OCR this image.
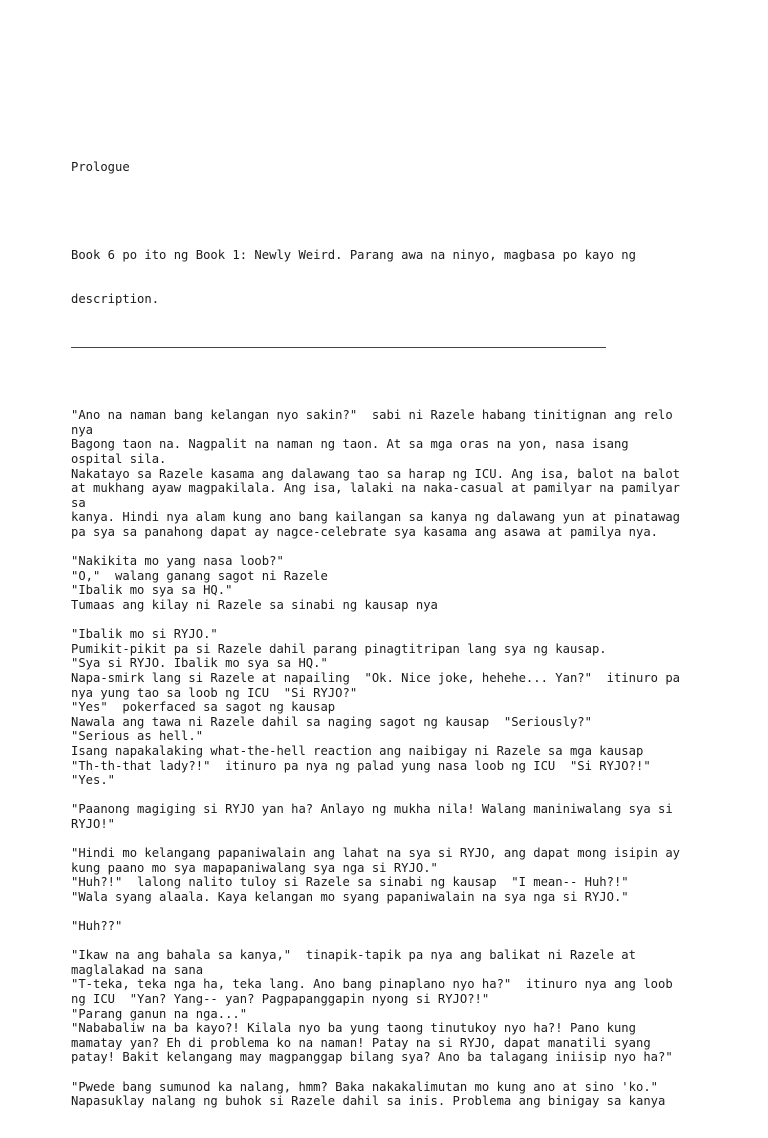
Prologue

Book 6 po ito ng Book 1: Newly Weird. Parang awa na ninyo, magbasa po kayo ng

description.

"Ano na naman bang kelangan nyo sakin?"  sabi ni Razele habang tinitignan ang relo
nya
Bagong taon na. Nagpalit na naman ng taon. At sa mga oras na yon, nasa isang
ospital sila.
Nakatayo sa Razele kasama ang dalawang tao sa harap ng ICU. Ang isa, balot na balot
at mukhang ayaw magpakilala. Ang isa, lalaki na naka-casual at pamilyar na pamilyar
sa
kanya. Hindi nya alam kung ano bang kailangan sa kanya ng dalawang yun at pinatawag
pa sya sa panahong dapat ay nagce-celebrate sya kasama ang asawa at pamilya nya.
"Nakikita mo yang nasa loob?"
"O,"  walang ganang sagot ni Razele
"Ibalik mo sya sa HQ."
Tumaas ang kilay ni Razele sa sinabi ng kausap nya
"Ibalik mo si RYJO."
Pumikit-pikit pa si Razele dahil parang pinagtitripan lang sya ng kausap.
"Sya si RYJO. Ibalik mo sya sa HQ."
Napa-smirk lang si Razele at napailing  "Ok. Nice joke, hehehe... Yan?"  itinuro pa
nya yung tao sa loob ng ICU  "Si RYJO?"
"Yes"  pokerfaced sa sagot ng kausap
Nawala ang tawa ni Razele dahil sa naging sagot ng kausap  "Seriously?"
"Serious as hell."
Isang napakalaking what-the-hell reaction ang naibigay ni Razele sa mga kausap
"Th-th-that lady?!"  itinuro pa nya ng palad yung nasa loob ng ICU  "Si RYJO?!"
"Yes."
"Paanong magiging si RYJO yan ha? Anlayo ng mukha nila! Walang maniniwalang sya si
RYJO!"
"Hindi mo kelangang papaniwalain ang lahat na sya si RYJO, ang dapat mong isipin ay
kung paano mo sya mapapaniwalang sya nga si RYJO."
"Huh?!"  lalong nalito tuloy si Razele sa sinabi ng kausap  "I mean-- Huh?!"
"Wala syang alaala. Kaya kelangan mo syang papaniwalain na sya nga si RYJO."
"Huh??"
"Ikaw na ang bahala sa kanya,"  tinapik-tapik pa nya ang balikat ni Razele at
maglalakad na sana
"T-teka, teka nga ha, teka lang. Ano bang pinaplano nyo ha?"  itinuro nya ang loob
ng ICU  "Yan? Yang-- yan? Pagpapanggapin nyong si RYJO?!"
"Parang ganun na nga..."
"Nababaliw na ba kayo?! Kilala nyo ba yung taong tinutukoy nyo ha?! Pano kung
mamatay yan? Eh di problema ko na naman! Patay na si RYJO, dapat manatili syang
patay! Bakit kelangang may magpanggap bilang sya? Ano ba talagang iniisip nyo ha?"
"Pwede bang sumunod ka nalang, hmm? Baka nakakalimutan mo kung ano at sino 'ko."
Napasuklay nalang ng buhok si Razele dahil sa inis. Problema ang binigay sa kanya
